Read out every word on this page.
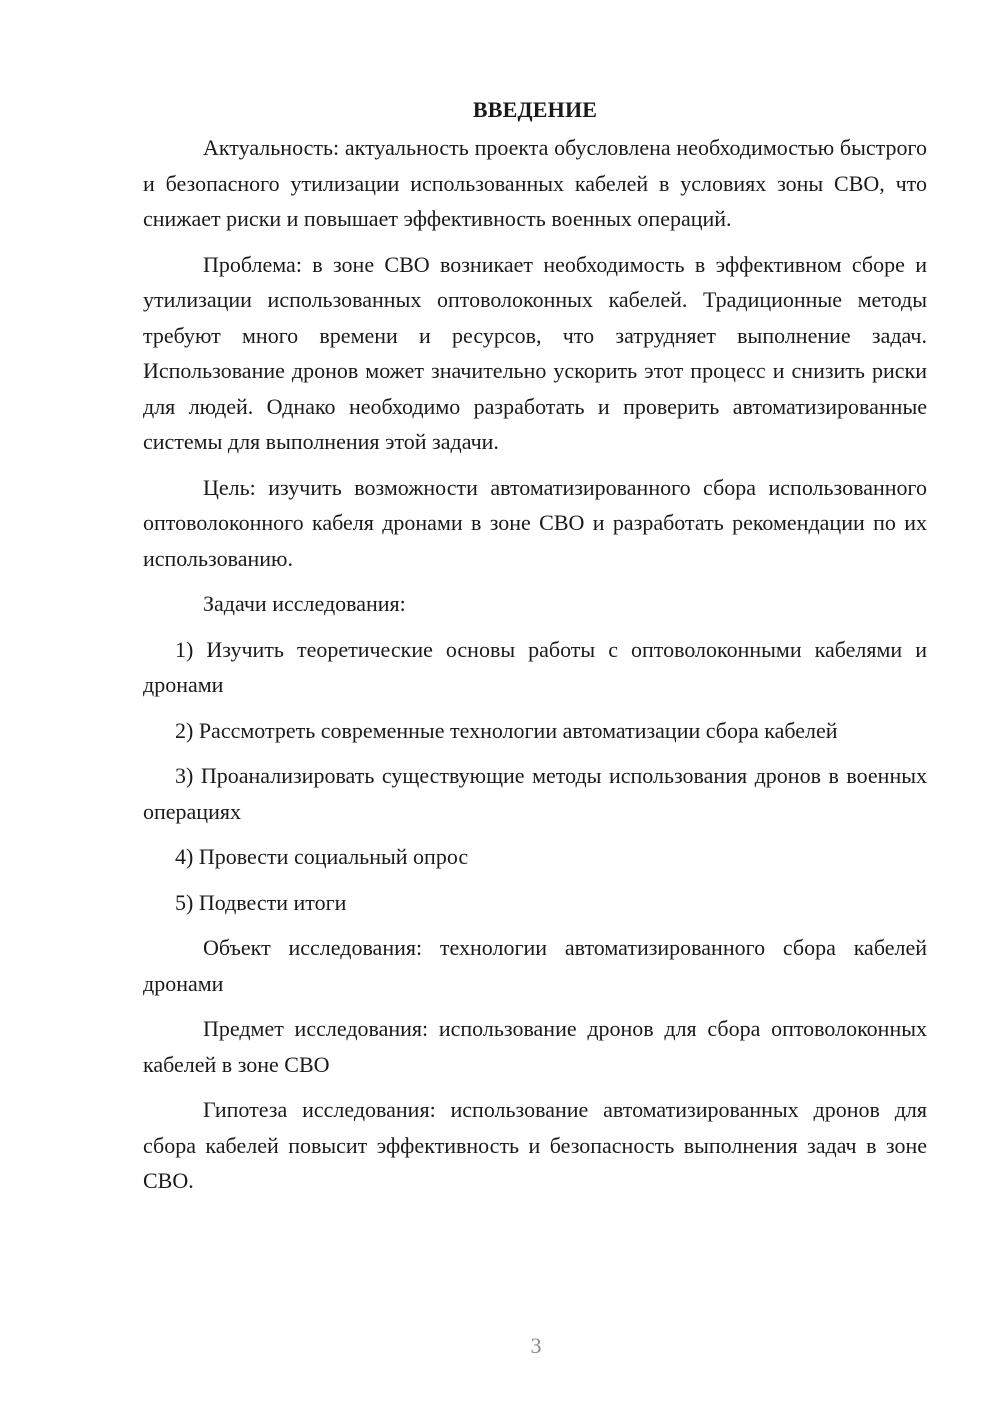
ВВЕДЕНИЕ

Актуальность: актуальность проекта обусловлена необходимостью быстрого и безопасного утилизации использованных кабелей в условиях зоны СВО, что снижает риски и повышает эффективность военных операций.

Проблема: в зоне СВО возникает необходимость в эффективном сборе и утилизации использованных оптоволоконных кабелей. Традиционные методы требуют много времени и ресурсов, что затрудняет выполнение задач. Использование дронов может значительно ускорить этот процесс и снизить риски для людей. Однако необходимо разработать и проверить автоматизированные системы для выполнения этой задачи.

Цель: изучить возможности автоматизированного сбора использованного оптоволоконного кабеля дронами в зоне СВО и разработать рекомендации по их использованию.

Задачи исследования:

1) Изучить теоретические основы работы с оптоволоконными кабелями и дронами

2) Рассмотреть современные технологии автоматизации сбора кабелей

3) Проанализировать существующие методы использования дронов в военных операциях

4) Провести социальный опрос

5) Подвести итоги

Объект исследования: технологии автоматизированного сбора кабелей дронами

Предмет исследования: использование дронов для сбора оптоволоконных кабелей в зоне СВО

Гипотеза исследования: использование автоматизированных дронов для сбора кабелей повысит эффективность и безопасность выполнения задач в зоне СВО.

3
